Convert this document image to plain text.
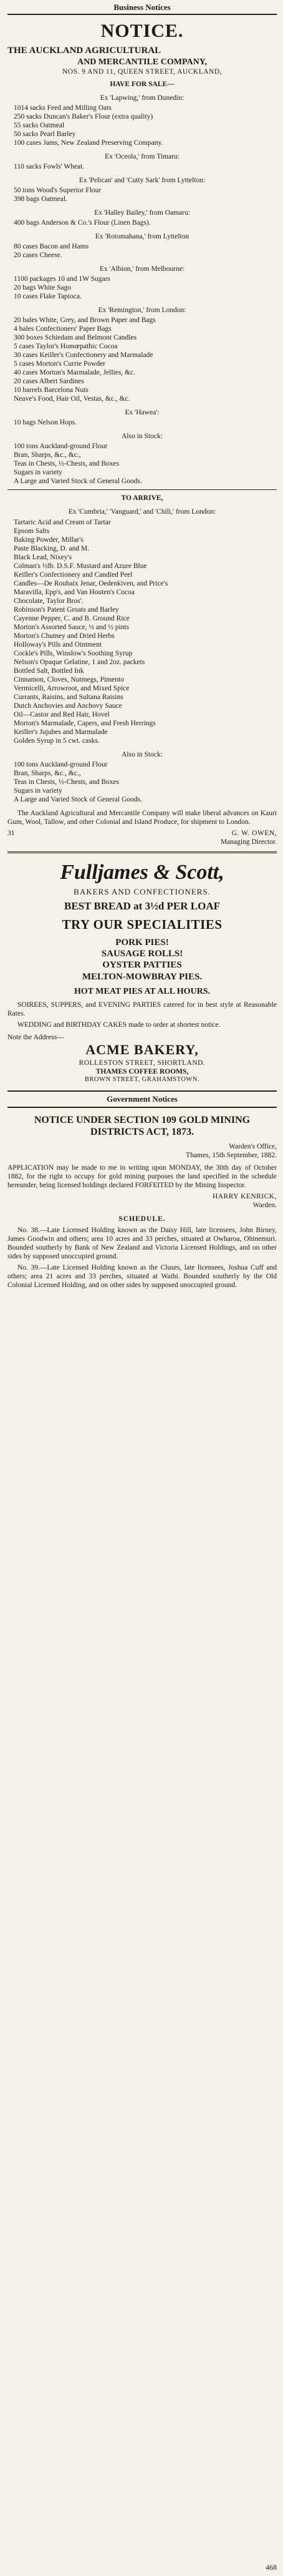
Business Notices
NOTICE.

THE AUCKLAND AGRICULTURAL

AND MERCANTILE COMPANY,

NOS. 9 AND 11, QUEEN STREET, AUCKLAND,

HAVE FOR SALE—

Ex 'Lapwing,' from Dunedin:

1014 sacks Feed and Milling Oats

250 sacks Duncan's Baker's Flour (extra quality)

55 sacks Oatmeal

50 sacks Pearl Barley

100 cases Jams, New Zealand Preserving Company.

Ex 'Oceola,' from Timaru:

110 sacks Fowls' Wheat.

Ex 'Pelican' and 'Cutty Sark' from Lyttelton:

50 tons Wood's Superior Flour

398 bags Oatmeal.

Ex 'Halley Bailey,' from Oamaru:

400 bags Anderson & Co.'s Flour (Linen Bags).

Ex 'Rotomahana,' from Lyttelton

80 cases Bacon and Hams

20 cases Cheese.

Ex 'Albion,' from Melbourne:

1100 packages 10 and 1W Sugars

20 bags White Sago

10 cases Flake Tapioca.

Ex 'Remington,' from London:

20 bales White, Grey, and Brown Paper and Bags

4 bales Confectioners' Paper Bags

300 boxes Schiedam and Belmont Candles

5 cases Taylor's Homœpathic Cocoa

30 cases Keiller's Confectionery and Marmalade

5 cases Morton's Currie Powder

40 cases Morton's Marmalade, Jellies, &c.

20 cases Albert Sardines

10 barrels Barcelona Nuts

Neave's Food, Hair Oil, Vestas, &c., &c.

Ex 'Hawea':

10 bags Nelson Hops.

Also in Stock:

100 tons Auckland-ground Flour

Bran, Sharps, &c., &c.,

Teas in Chests, ½-Chests, and Boxes

Sugars in variety

A Large and Varied Stock of General Goods.

TO ARRIVE,

Ex 'Cumbria,' 'Vanguard,' and 'Chili,' from London:

Tartaric Acid and Cream of Tartar

Epsom Salts

Baking Powder, Millar's

Paste Blacking, D. and M.

Black Lead, Nixey's

Colman's ½lb. D.S.F. Mustard and Azure Blue

Keiller's Confectionery and Candied Peel

Candles—De Roubaix Jenar, Oedenkiven, and Price's

Maravilla, Epp's, and Van Houten's Cocoa

Chocolate, Taylor Bros'.

Robinson's Patent Groats and Barley

Cayenne Pepper, C. and B. Ground Rice

Morton's Assorted Sauce, ½ and ½ pints

Morton's Chutney and Dried Herbs

Holloway's Pills and Ointment

Cockle's Pills, Winslow's Soothing Syrup

Nelson's Opaque Gelatine, 1 and 2oz. packets

Bottled Salt, Bottled Ink

Cinnamon, Cloves, Nutmegs, Pimento

Vermicelli, Arrowroot, and Mixed Spice

Currants, Raisins, and Sultana Raisins

Dutch Anchovies and Anchovy Sauce

Oil—Castor and Red Hair, Hovel

Morton's Marmalade, Capers, and Fresh Herrings

Keiller's Jujubes and Marmalade

Golden Syrup in 5 cwt. casks.

Also in Stock:

100 tons Auckland-ground Flour

Bran, Sharps, &c., &c.,

Teas in Chests, ½-Chests, and Boxes

Sugars in variety

A Large and Varied Stock of General Goods.

The Auckland Agricultural and Mercantile Company will make liberal advances on Kauri Gum, Wool, Tallow, and other Colonial and Island Produce, for shipment to London.

31	G. W. OWEN,
Managing Director.
Fulljames & Scott,
BAKERS AND CONFECTIONERS.

BEST BREAD at 3½d PER LOAF

TRY OUR SPECIALITIES

PORK PIES!

SAUSAGE ROLLS!

OYSTER PATTIES

MELTON-MOWBRAY PIES.

HOT MEAT PIES AT ALL HOURS.

SOIREES, SUPPERS, and EVENING PARTIES catered for in best style at Reasonable Rates.

WEDDING and BIRTHDAY CAKES made to order at shortest notice.

Note the Address—

ACME BAKERY,
ROLLESTON STREET, SHORTLAND.
THAMES COFFEE ROOMS,
BROWN STREET, GRAHAMSTOWN.
Government Notices
NOTICE UNDER SECTION 109 GOLD MINING DISTRICTS ACT, 1873.

Warden's Office,

Thames, 15th September, 1882.

APPLICATION may be made to me in writing upon MONDAY, the 30th day of October 1882, for the right to occupy for gold mining purposes the land specified in the schedule hereunder, being licensed holdings declared FORFEITED by the Mining Inspector.

HARRY KENRICK,

Warden.

SCHEDULE.

No. 38.—Late Licensed Holding known as the Daisy Hill, late licensees, John Birney, James Goodwin and others; area 10 acres and 33 perches, situated at Owharoa, Ohinemuri. Bounded southerly by Bank of New Zealand and Victoria Licensed Holdings, and on other sides by supposed unoccupied ground.

No. 39.—Late Licensed Holding known as the Cluses, late licensees, Joshua Cuff and others; area 21 acres and 33 perches, situated at Waihi. Bounded southerly by the Old Colonial Licensed Holding, and on other sides by supposed unoccupied ground.

468
